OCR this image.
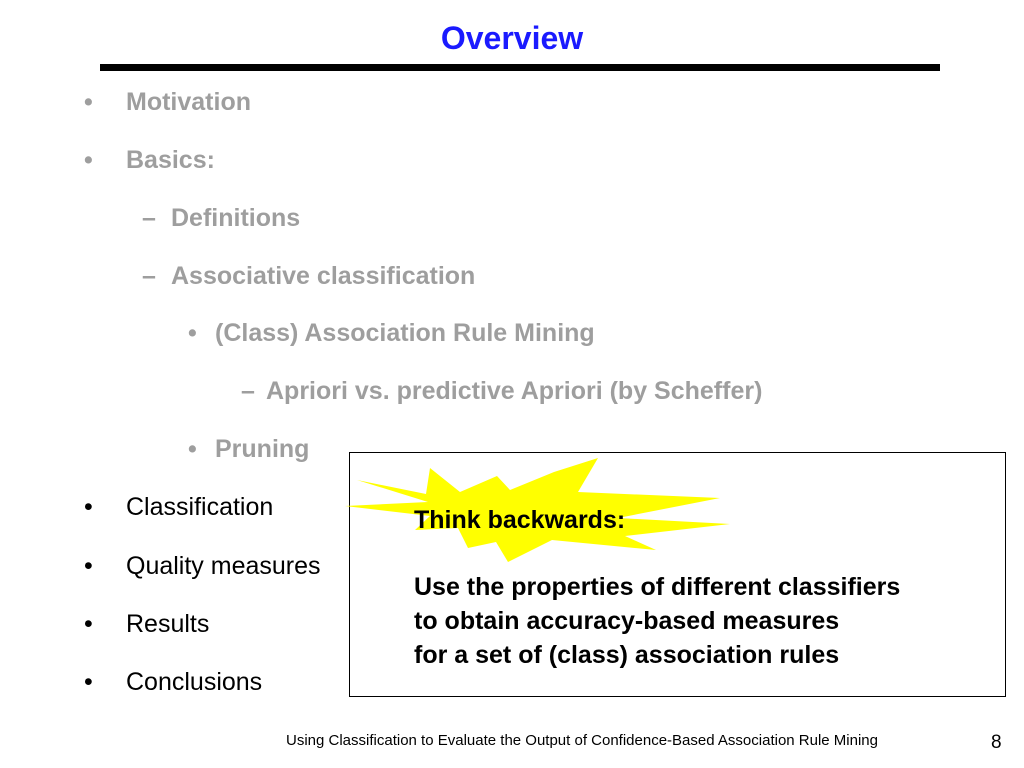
Overview
• Motivation
• Basics:
– Definitions
– Associative classification
• (Class) Association Rule Mining
– Apriori vs. predictive Apriori (by Scheffer)
• Pruning
• Classification
• Quality measures
• Results
• Conclusions
Think backwards:
Use the properties of different classifiers
to obtain accuracy-based measures
for a set of (class) association rules
Using Classification to Evaluate the Output of Confidence-Based Association Rule Mining	8
